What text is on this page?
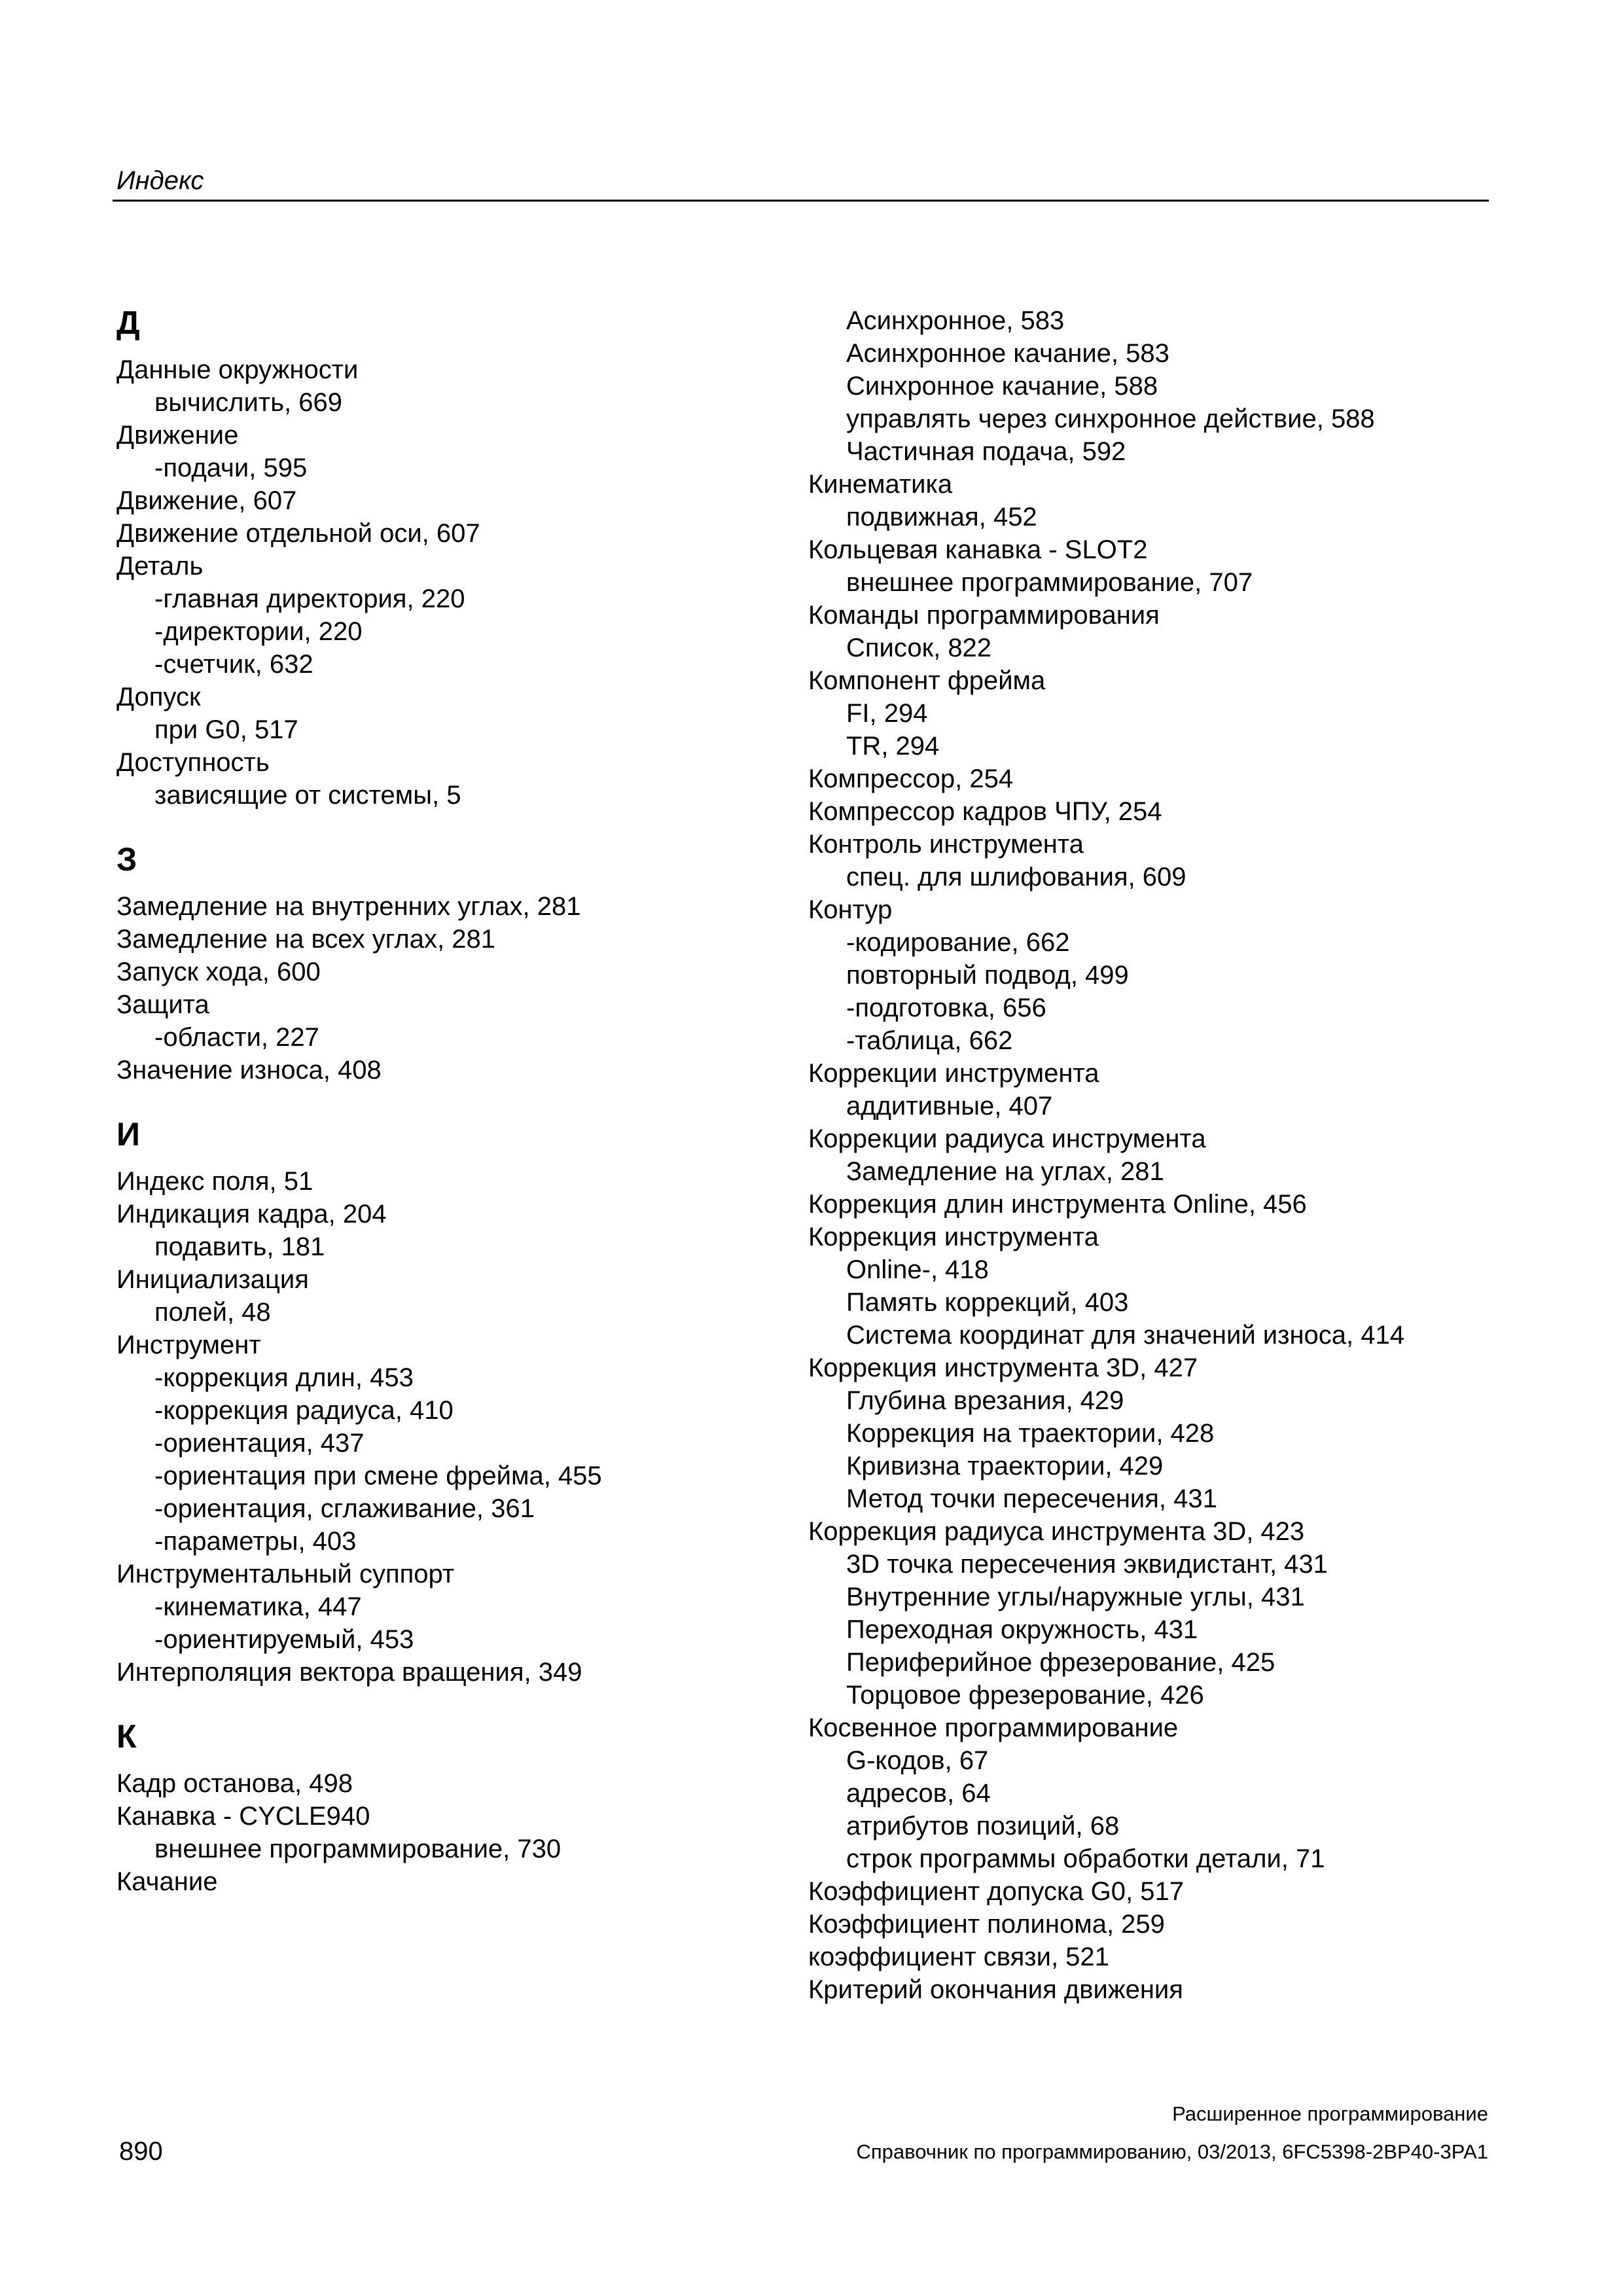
Индекс
Д
Данные окружности
вычислить, 669
Движение
-подачи, 595
Движение, 607
Движение отдельной оси, 607
Деталь
-главная директория, 220
-директории, 220
-счетчик, 632
Допуск
при G0, 517
Доступность
зависящие от системы, 5
З
Замедление на внутренних углах, 281
Замедление на всех углах, 281
Запуск хода, 600
Защита
-области, 227
Значение износа, 408
И
Индекс поля, 51
Индикация кадра, 204
подавить, 181
Инициализация
полей, 48
Инструмент
-коррекция длин, 453
-коррекция радиуса, 410
-ориентация, 437
-ориентация при смене фрейма, 455
-ориентация, сглаживание, 361
-параметры, 403
Инструментальный суппорт
-кинематика, 447
-ориентируемый, 453
Интерполяция вектора вращения, 349
К
Кадр останова, 498
Канавка - CYCLE940
внешнее программирование, 730
Качание
Асинхронное, 583
Асинхронное качание, 583
Синхронное качание, 588
управлять через синхронное действие, 588
Частичная подача, 592
Кинематика
подвижная, 452
Кольцевая канавка - SLOT2
внешнее программирование, 707
Команды программирования
Список, 822
Компонент фрейма
FI, 294
TR, 294
Компрессор, 254
Компрессор кадров ЧПУ, 254
Контроль инструмента
спец. для шлифования, 609
Контур
-кодирование, 662
повторный подвод, 499
-подготовка, 656
-таблица, 662
Коррекции инструмента
аддитивные, 407
Коррекции радиуса инструмента
Замедление на углах, 281
Коррекция длин инструмента Online, 456
Коррекция инструмента
Online-, 418
Память коррекций, 403
Система координат для значений износа, 414
Коррекция инструмента 3D, 427
Глубина врезания, 429
Коррекция на траектории, 428
Кривизна траектории, 429
Метод точки пересечения, 431
Коррекция радиуса инструмента 3D, 423
3D точка пересечения эквидистант, 431
Внутренние углы/наружные углы, 431
Переходная окружность, 431
Периферийное фрезерование, 425
Торцовое фрезерование, 426
Косвенное программирование
G-кодов, 67
адресов, 64
атрибутов позиций, 68
строк программы обработки детали, 71
Коэффициент допуска G0, 517
Коэффициент полинома, 259
коэффициент связи, 521
Критерий окончания движения
Расширенное программирование
890	Справочник по программированию, 03/2013, 6FC5398-2BP40-3PA1
